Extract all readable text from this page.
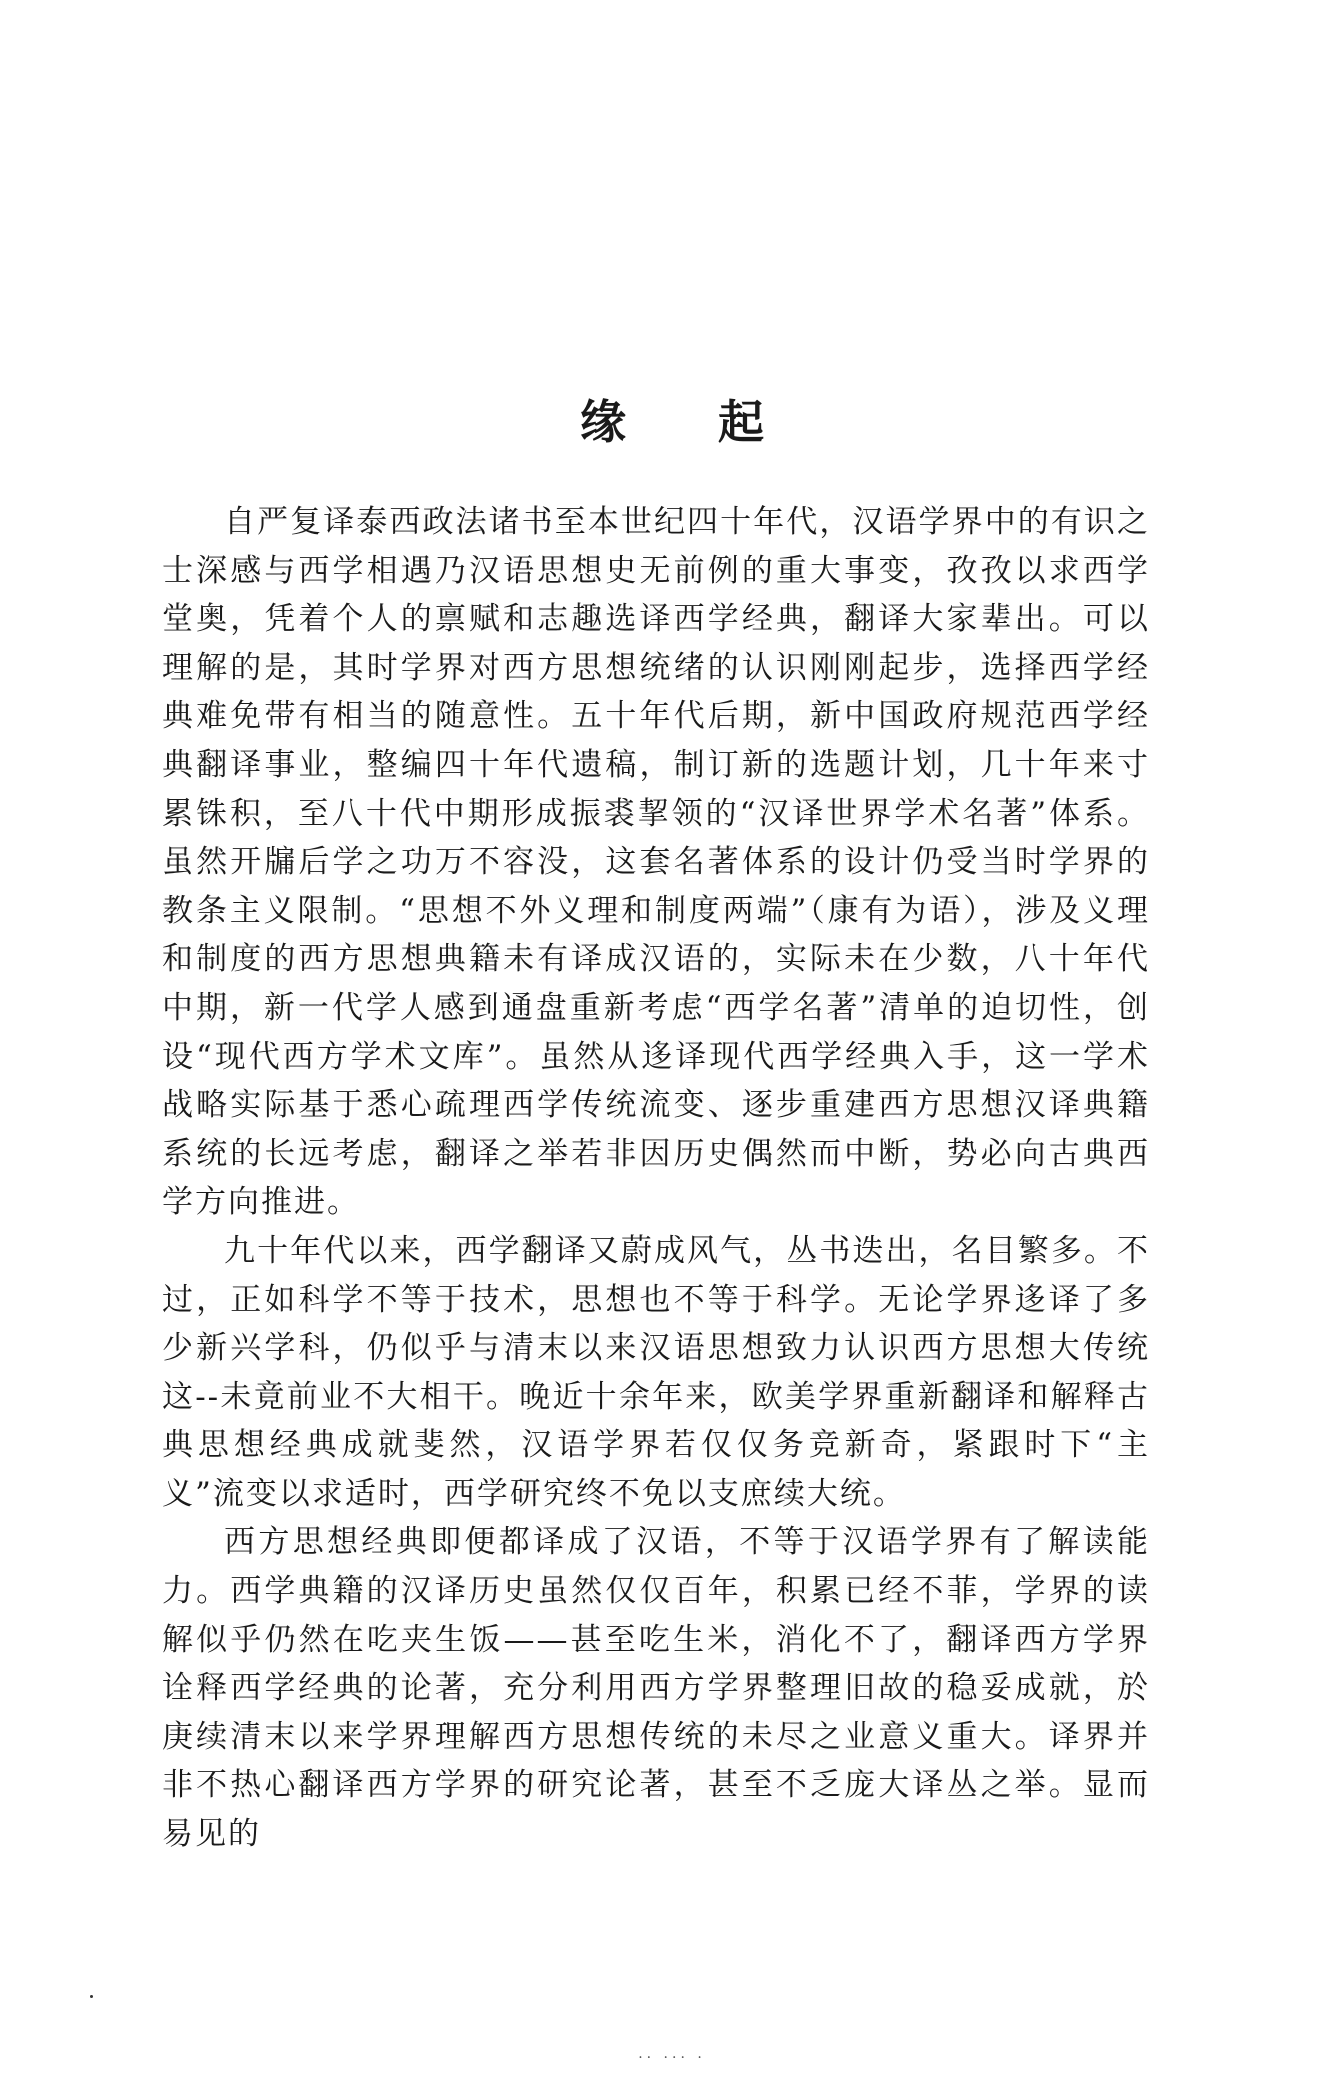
缘 起

自严复译泰西政法诸书至本世纪四十年代，汉语学界中的有识之士深感与西学相遇乃汉语思想史无前例的重大事变，孜孜以求西学堂奥，凭着个人的禀赋和志趣选译西学经典，翻译大家辈出。可以理解的是，其时学界对西方思想统绪的认识刚刚起步，选择西学经典难免带有相当的随意性。五十年代后期，新中国政府规范西学经典翻译事业，整编四十年代遗稿，制订新的选题计划，几十年来寸累铢积，至八十代中期形成振裘挈领的“汉译世界学术名著”体系。虽然开牖后学之功万不容没，这套名著体系的设计仍受当时学界的教条主义限制。“思想不外义理和制度两端”（康有为语），涉及义理和制度的西方思想典籍未有译成汉语的，实际未在少数，八十年代中期，新一代学人感到通盘重新考虑“西学名著”清单的迫切性，创设“现代西方学术文库”。虽然从迻译现代西学经典入手，这一学术战略实际基于悉心疏理西学传统流变、逐步重建西方思想汉译典籍系统的长远考虑，翻译之举若非因历史偶然而中断，势必向古典西学方向推进。

九十年代以来，西学翻译又蔚成风气，丛书迭出，名目繁多。不过，正如科学不等于技术，思想也不等于科学。无论学界迻译了多少新兴学科，仍似乎与清末以来汉语思想致力认识西方思想大传统这--未竟前业不大相干。晚近十余年来，欧美学界重新翻译和解释古典思想经典成就斐然，汉语学界若仅仅务竞新奇，紧跟时下“主义”流变以求适时，西学研究终不免以支庶续大统。

西方思想经典即便都译成了汉语，不等于汉语学界有了解读能力。西学典籍的汉译历史虽然仅仅百年，积累已经不菲，学界的读解似乎仍然在吃夹生饭——甚至吃生米，消化不了，翻译西方学界诠释西学经典的论著，充分利用西方学界整理旧故的稳妥成就，於庚续清末以来学界理解西方思想传统的未尽之业意义重大。译界并非不热心翻译西方学界的研究论著，甚至不乏庞大译丛之举。显而易见的

·· ··· ·
